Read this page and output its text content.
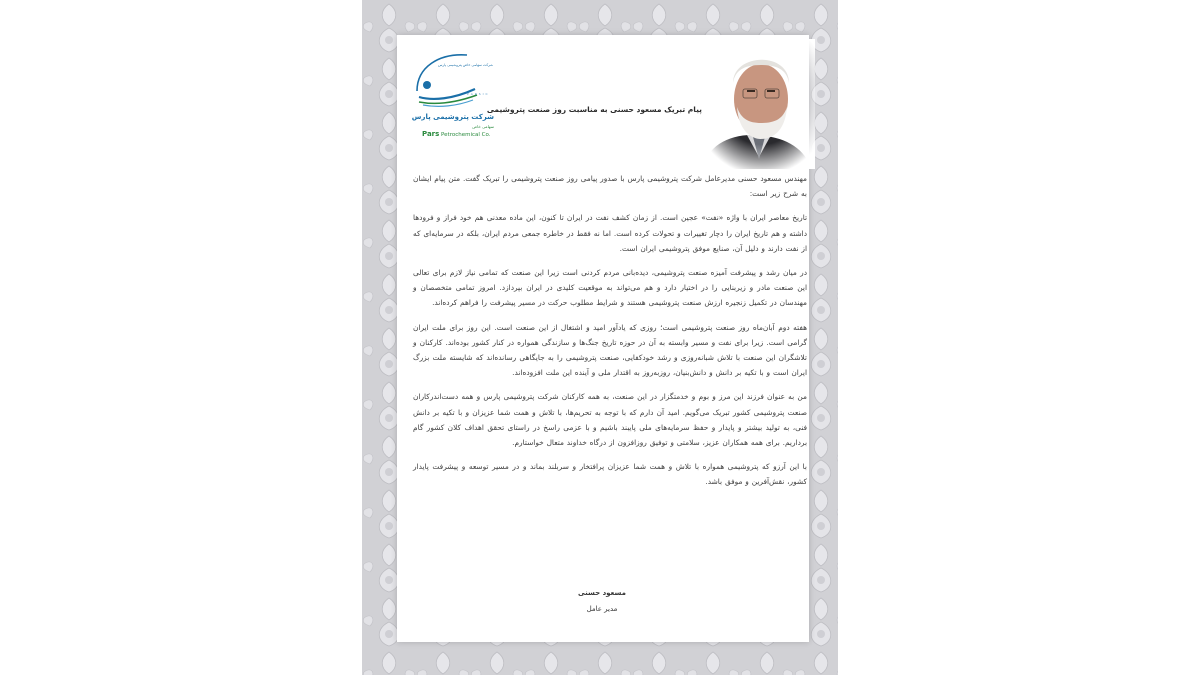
شرکت سهامی خاص پتروشیمی پارس
P A R S I C
شرکت پتروشیمی پارس
سهامی خاص
Pars Petrochemical Co.
پیام تبریک مسعود حسنی به مناسبت روز صنعت پتروشیمی

مهندس مسعود حسنی مدیرعامل شرکت پتروشیمی پارس با صدور پیامی روز صنعت پتروشیمی را تبریک گفت. متن پیام ایشان به شرح زیر است:

تاریخ معاصر ایران با واژه «نفت» عجین است. از زمان کشف نفت در ایران تا کنون، این ماده معدنی هم خود فراز و فرودها داشته و هم تاریخ ایران را دچار تغییرات و تحولات کرده است. اما نه فقط در خاطره جمعی مردم ایران، بلکه در سرمایه‌ای که از نفت دارند و دلیل آن، صنایع موفق پتروشیمی ایران است.

در میان رشد و پیشرفت آمیزه صنعت پتروشیمی، دیده‌بانی مردم کردنی است زیرا این صنعت که تمامی نیاز لازم برای تعالی این صنعت مادر و زیربنایی را در اختیار دارد و هم می‌تواند به موقعیت کلیدی در ایران بپردازد. امروز تمامی متخصصان و مهندسان در تکمیل زنجیره ارزش صنعت پتروشیمی هستند و شرایط مطلوب حرکت در مسیر پیشرفت را فراهم کرده‌اند.

هفته دوم آبان‌ماه روز صنعت پتروشیمی است؛ روزی که یادآور امید و اشتغال از این صنعت است. این روز برای ملت ایران گرامی است. زیرا برای نفت و مسیر وابسته به آن در حوزه تاریخ جنگ‌ها و سازندگی همواره در کنار کشور بوده‌اند. کارکنان و تلاشگران این صنعت با تلاش شبانه‌روزی و رشد خودکفایی، صنعت پتروشیمی را به جایگاهی رسانده‌اند که شایسته ملت بزرگ ایران است و با تکیه بر دانش و دانش‌بنیان، روزبه‌روز به اقتدار ملی و آینده این ملت افزوده‌اند.

من به عنوان فرزند این مرز و بوم و خدمتگزار در این صنعت، به همه کارکنان شرکت پتروشیمی پارس و همه دست‌اندرکاران صنعت پتروشیمی کشور تبریک می‌گویم. امید آن دارم که با توجه به تحریم‌ها، با تلاش و همت شما عزیزان و با تکیه بر دانش فنی، به تولید بیشتر و پایدار و حفظ سرمایه‌های ملی پایبند باشیم و با عزمی راسخ در راستای تحقق اهداف کلان کشور گام برداریم. برای همه همکاران عزیز، سلامتی و توفیق روزافزون از درگاه خداوند متعال خواستارم.

با این آرزو که پتروشیمی همواره با تلاش و همت شما عزیزان پرافتخار و سربلند بماند و در مسیر توسعه و پیشرفت پایدار کشور، نقش‌آفرین و موفق باشد.

مسعود حسنی
مدیر عامل
